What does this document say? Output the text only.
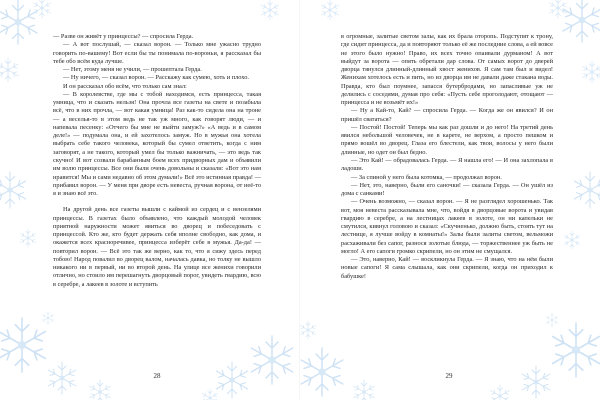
— Разве он живёт у принцессы? — спросила Герда.

— А вот послушай, — сказал ворон. — Только мне ужасно трудно говорить по-вашему! Вот если бы ты понимала по-вороньи, я рассказал бы тебе обо всём куда лучше.

— Нет, этому меня не учили, — прошептала Герда.

— Ну ничего, — сказал ворон. — Расскажу как сумею, хоть и плохо.

И он рассказал обо всём, что только сам знал:

— В королевстве, где мы с тобой находимся, есть принцесса, такая умница, что и сказать нельзя! Она прочла все газеты на свете и позабыла всё, что в них прочла, — вот какая умница! Раз как-то сидела она на троне — а веселья-то в этом ведь не так уж много, как говорят люди, — и напевала песенку: «Отчего бы мне не выйти замуж?» «А ведь и в самом деле!» — подумала она, и ей захотелось замуж. Но в мужья она хотела выбрать себе такого человека, который бы сумел ответить, когда с ним заговорят, а не такого, который умел бы только важничать, — это ведь так скучно! И вот созвали барабанным боем всех придворных дам и объявили им волю принцессы. Все они были очень довольны и сказали: «Вот это нам нравится! Мы и сами недавно об этом думали!» Всё это истинная правда! — прибавил ворон. — У меня при дворе есть невеста, ручная ворона, от неё-то я и знаю всё это.

На другой день все газеты вышли с каймой из сердец и с вензелями принцессы. В газетах было объявлено, что каждый молодой человек приятной наружности может явиться во дворец и побеседовать с принцессой. Кто же, кто будет держать себя вполне свободно, как дома, и окажется всех красноречивее, принцесса изберёт себе в мужья. Да-да! — повторил ворон. — Всё это так же верно, как то, что я сижу здесь перед тобою! Народ повалил во дворец валом, началась давка, но толку не вышло никакого ни в первый, ни во второй день. На улице все женихи говорили отлично, но стоило им перешагнуть дворцовый порог, увидеть гвардию, всю в серебре, а лакеев в золоте и вступить

28

в огромные, залитые светом залы, как их брала оторопь. Подступят к трону, где сидит принцесса, да и повторяют только её же последние слова, а ей вовсе не этого было нужно! Право, их всех точно опаивали дурманом! А вот выйдут за ворота — опять обретали дар слова. От самых ворот до дверей дворца тянулся длинный-длинный хвост женихов. Я сам там был и видел! Женихам хотелось есть и пить, но из дворца им не давали даже стакана воды. Правда, кто был поумнее, запасся бутербродами, но запасливые уж не делились с соседями, думая про себя: «Пусть себе проголодают, отощают — принцесса и не возьмёт их!»

— Ну а Кай-то, Кай? — спросила Герда. — Когда же он явился? И он пришёл свататься?

— Постой! Постой! Теперь мы как раз дошли и до него! На третий день явился небольшой человечек, не в карете, не верхом, а просто пешком и прямо вошёл во дворец. Глаза его блестели, как твои, волосы у него были длинные, но одет он был бедно.

— Это Кай! — обрадовалась Герда. — Я нашла его! — И она захлопала в ладоши.

— За спиной у него была котомка, — продолжал ворон.

— Нет, это, наверно, были его саночки! — сказала Герда. — Он ушёл из дома с санками!

— Очень возможно, — сказал ворон. — Я не разглядел хорошенько. Так вот, моя невеста рассказывала мне, что, войдя в дворцовые ворота и увидав гвардию в серебре, а на лестницах лакеев в золоте, он ни капельки не смутился, кивнул головою и сказал: «Скучненько, должно быть, стоять тут на лестнице, я лучше войду в комнаты!» Залы были залиты светом, вельможи расхаживали без сапог, разнося золотые блюда, — торжественнее уж быть не могло! А его сапоги громко скрипели, но он этим не смущался.

— Это, наверно, Кай! — воскликнула Герда. — Я знаю, что на нём были новые сапоги! Я сама слышала, как они скрипели, когда он приходил к бабушке!

29
